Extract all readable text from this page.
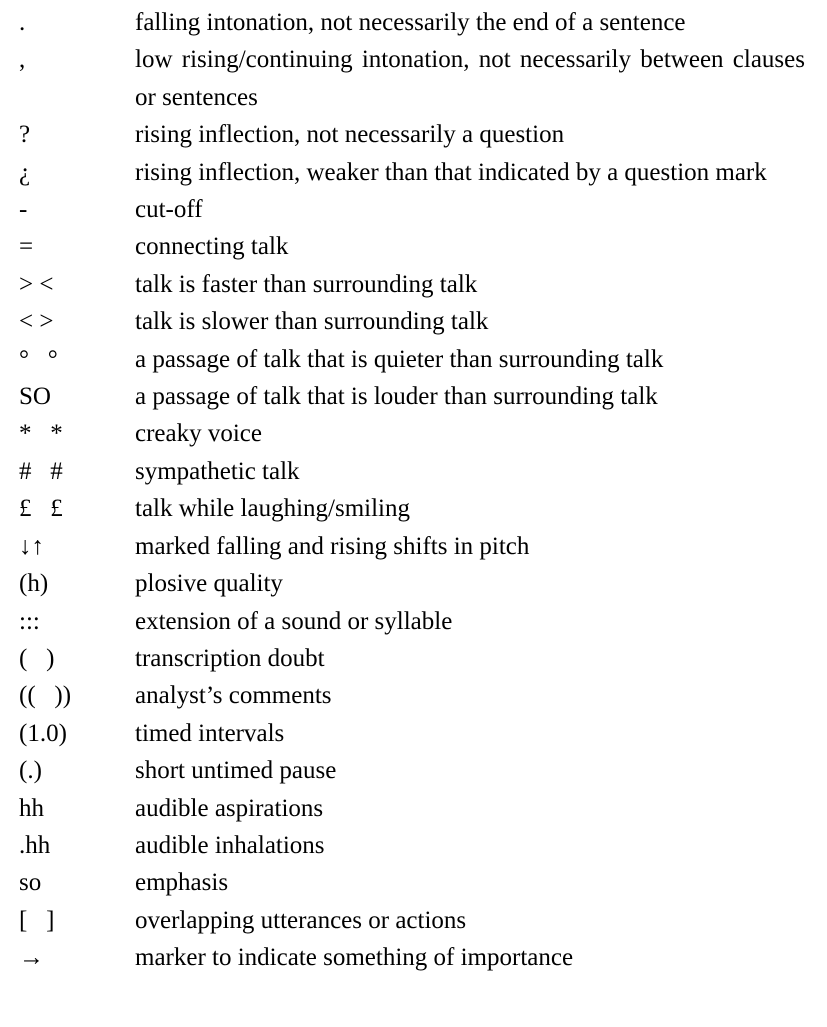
.	falling intonation, not necessarily the end of a sentence
,	low rising/continuing intonation, not necessarily between clauses or sentences
?	rising inflection, not necessarily a question
¿	rising inflection, weaker than that indicated by a question mark
-	cut-off
=	connecting talk
> <	talk is faster than surrounding talk
< >	talk is slower than surrounding talk
°   °	a passage of talk that is quieter than surrounding talk
SO	a passage of talk that is louder than surrounding talk
*   *	creaky voice
#   #	sympathetic talk
£   £	talk while laughing/smiling
↓↑	marked falling and rising shifts in pitch
(h)	plosive quality
:::	extension of a sound or syllable
(   )	transcription doubt
((   ))	analyst’s comments
(1.0)	timed intervals
(.)	short untimed pause
hh	audible aspirations
.hh	audible inhalations
so	emphasis
[   ]	overlapping utterances or actions
→	marker to indicate something of importance
